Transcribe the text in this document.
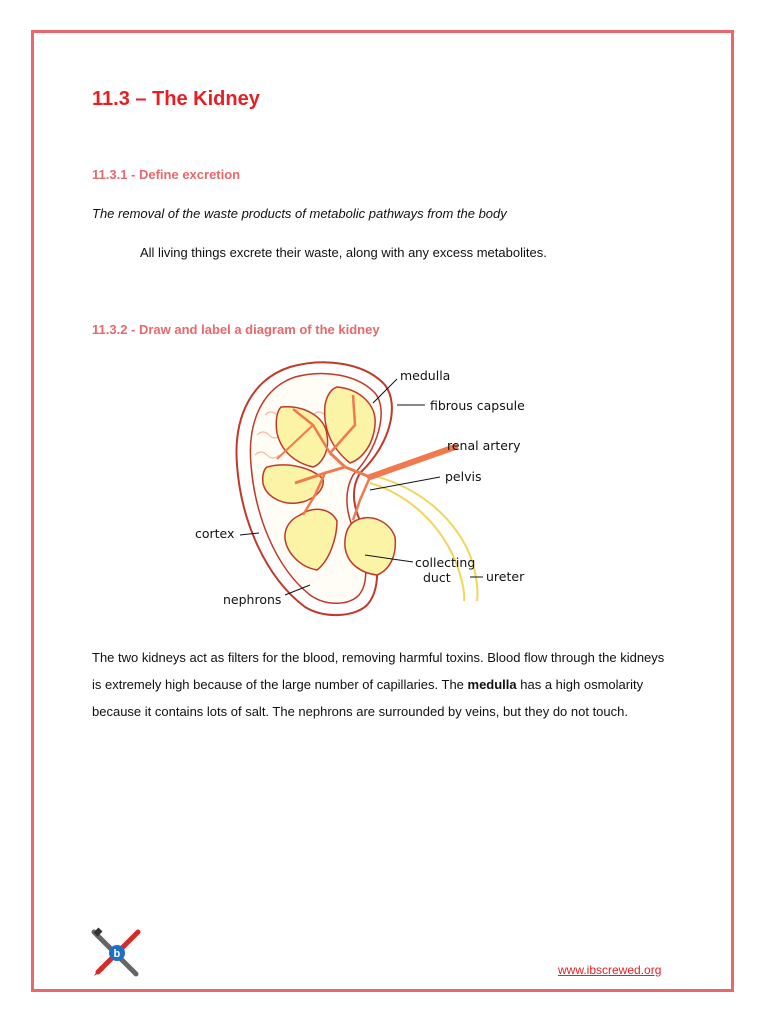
11.3 – The Kidney
11.3.1 - Define excretion

The removal of the waste products of metabolic pathways from the body

All living things excrete their waste, along with any excess metabolites.

11.3.2 - Draw and label a diagram of the kidney
medulla
fibrous capsule
renal artery
pelvis
cortex
collecting
duct	ureter
nephrons

The two kidneys act as filters for the blood, removing harmful toxins. Blood flow through the kidneys is extremely high because of the large number of capillaries. The medulla has a high osmolarity because it contains lots of salt. The nephrons are surrounded by veins, but they do not touch.

b
www.ibscrewed.org
